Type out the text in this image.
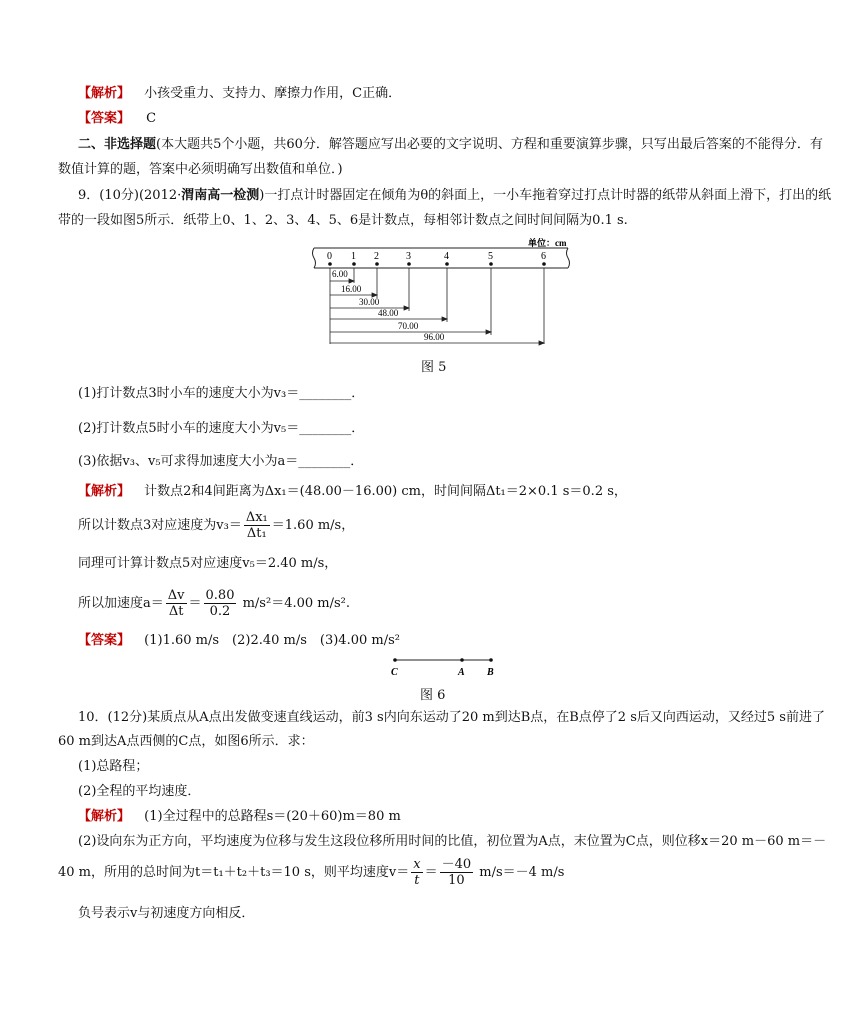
【解析】 小孩受重力、支持力、摩擦力作用，C正确．
【答案】 C
二、非选择题(本大题共5个小题，共60分．解答题应写出必要的文字说明、方程和重要演算步骤，只写出最后答案的不能得分．有
数值计算的题，答案中必须明确写出数值和单位．)
9．(10分)(2012·渭南高一检测)一打点计时器固定在倾角为θ的斜面上，一小车拖着穿过打点计时器的纸带从斜面上滑下，打出的纸
带的一段如图5所示．纸带上0、1、2、3、4、5、6是计数点，每相邻计数点之间时间间隔为0.1 s.
单位：cm
0 1 2	3	4	5	6
6.00
16.00
30.00
48.00
70.00
96.00
图 5
(1)打计数点3时小车的速度大小为v₃＝________．
(2)打计数点5时小车的速度大小为v₅＝________．
(3)依据v₃、v₅可求得加速度大小为a＝________．
【解析】 计数点2和4间距离为Δx₁＝(48.00－16.00) cm，时间间隔Δt₁＝2×0.1 s＝0.2 s，
所以计数点3对应速度为$v_3= \frac{\text{Δx₁}}{\text{Δt₁}} =1.60$ m/s，
同理可计算计数点5对应速度v₅＝2.40 m/s，
所以加速度$a= \frac{\Delta v}{\Delta t} = \frac{0.80}{0.2} m/s^2=4.00$ m/s².
【答案】 (1)1.60 m/s　(2)2.40 m/s　(3)4.00 m/s²
C	A B
图 6
10．(12分)某质点从A点出发做变速直线运动，前3 s内向东运动了20 m到达B点，在B点停了2 s后又向西运动，又经过5 s前进了
60 m到达A点西侧的C点，如图6所示．求：
(1)总路程；
(2)全程的平均速度．
【解析】 (1)全过程中的总路程s＝(20＋60)m＝80 m
(2)设向东为正方向，平均速度为位移与发生这段位移所用时间的比值，初位置为A点，末位置为C点，则位移x＝20 m－60 m＝－
40 m，所用的总时间为t＝t₁＋t₂＋t₃＝10 s，则平均速度$v= \frac{x}{t} = \frac{-40}{10} m/s=-4$ m/s
负号表示v与初速度方向相反．
